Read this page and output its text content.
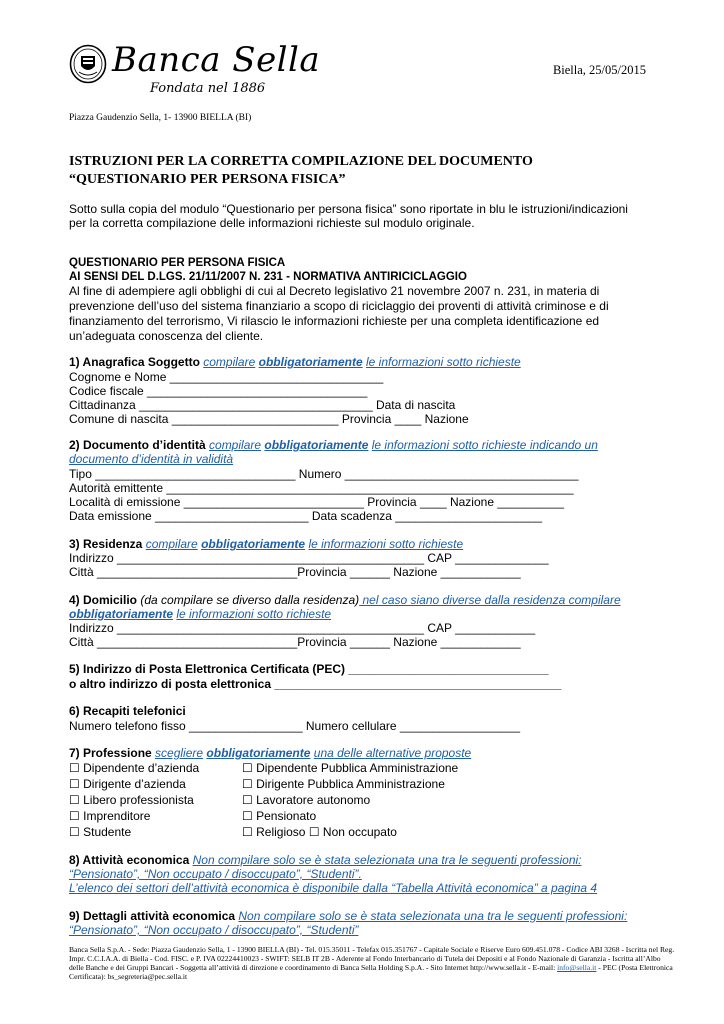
Banca Sella
Fondata nel 1886
Biella, 25/05/2015
Piazza Gaudenzio Sella, 1- 13900 BIELLA (BI)
ISTRUZIONI PER LA CORRETTA COMPILAZIONE DEL DOCUMENTO
“QUESTIONARIO PER PERSONA FISICA”
Sotto sulla copia del modulo “Questionario per persona fisica” sono riportate in blu le istruzioni/indicazioni
per la corretta compilazione delle informazioni richieste sul modulo originale.
QUESTIONARIO PER PERSONA FISICA
AI SENSI DEL D.LGS. 21/11/2007 N. 231 - NORMATIVA ANTIRICICLAGGIO
Al fine di adempiere agli obblighi di cui al Decreto legislativo 21 novembre 2007 n. 231, in materia di
prevenzione dell’uso del sistema finanziario a scopo di riciclaggio dei proventi di attività criminose e di
finanziamento del terrorismo, Vi rilascio le informazioni richieste per una completa identificazione ed
un’adeguata conoscenza del cliente.
1) Anagrafica Soggetto compilare obbligatoriamente le informazioni sotto richieste
Cognome e Nome ________________________________
Codice fiscale _________________________________
Cittadinanza ___________________________________ Data di nascita
Comune di nascita _________________________ Provincia ____ Nazione
2) Documento d’identità compilare obbligatoriamente le informazioni sotto richieste indicando un
documento d’identità in validità
Tipo ______________________________ Numero ___________________________________
Autorità emittente _____________________________________________________________
Località di emissione ___________________________ Provincia ____ Nazione __________
Data emissione _______________________ Data scadenza ______________________
3) Residenza compilare obbligatoriamente le informazioni sotto richieste
Indirizzo ______________________________________________ CAP ______________
Città ______________________________Provincia ______ Nazione ____________
4) Domicilio (da compilare se diverso dalla residenza) nel caso siano diverse dalla residenza compilare
obbligatoriamente le informazioni sotto richieste
Indirizzo ______________________________________________ CAP ____________
Città ______________________________Provincia ______ Nazione ____________
5) Indirizzo di Posta Elettronica Certificata (PEC) ______________________________
o altro indirizzo di posta elettronica ___________________________________________
6) Recapiti telefonici
Numero telefono fisso _________________ Numero cellulare __________________
7) Professione scegliere obbligatoriamente una delle alternative proposte
☐ Dipendente d’azienda
☐ Dirigente d’azienda
☐ Libero professionista
☐ Imprenditore
☐ Studente
☐ Dipendente Pubblica Amministrazione
☐ Dirigente Pubblica Amministrazione
☐ Lavoratore autonomo
☐ Pensionato
☐ Religioso ☐ Non occupato
8) Attività economica Non compilare solo se è stata selezionata una tra le seguenti professioni:
“Pensionato”, “Non occupato / disoccupato”, “Studenti”.
L’elenco dei settori dell’attività economica è disponibile dalla “Tabella Attività economica” a pagina 4
9) Dettagli attività economica Non compilare solo se è stata selezionata una tra le seguenti professioni:
“Pensionato”, “Non occupato / disoccupato”, “Studenti”
Banca Sella S.p.A. - Sede: Piazza Gaudenzio Sella, 1 - 13900 BIELLA (BI) - Tel. 015.35011 - Telefax 015.351767 - Capitale Sociale e Riserve Euro 609.451.078 - Codice ABI 3268 - Iscritta nel Reg.
Impr. C.C.I.A.A. di Biella - Cod. FISC. e P. IVA 02224410023 - SWIFT: SELB IT 2B - Aderente al Fondo Interbancario di Tutela dei Depositi e al Fondo Nazionale di Garanzia - Iscritta all’Albo
delle Banche e dei Gruppi Bancari - Soggetta all’attività di direzione e coordinamento di Banca Sella Holding S.p.A. - Sito Internet http://www.sella.it - E-mail: info@sella.it - PEC (Posta Elettronica
Certificata): bs_segreteria@pec.sella.it
